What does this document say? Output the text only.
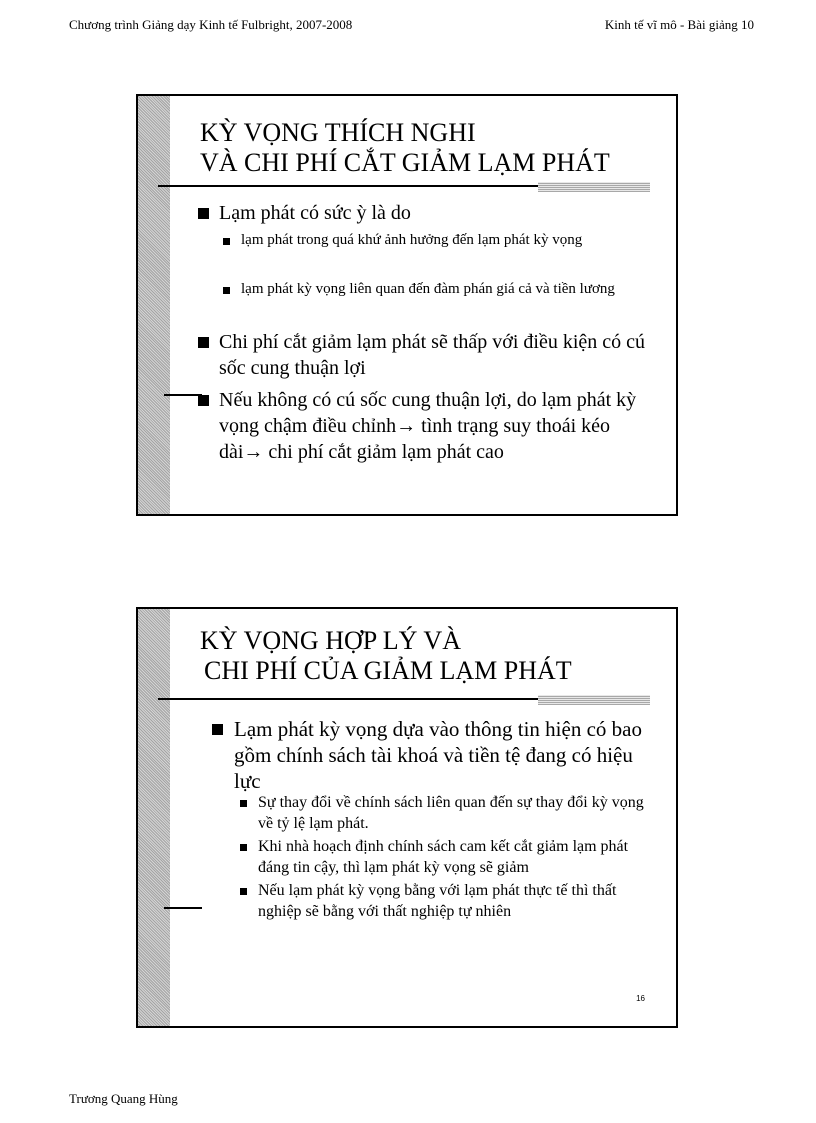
Chương trình Giảng dạy Kinh tế Fulbright, 2007-2008	Kinh tế vĩ mô - Bài giảng 10
KỲ VỌNG THÍCH NGHI
VÀ CHI PHÍ CẮT GIẢM LẠM PHÁT
Lạm phát có sức ỳ là do
lạm phát trong quá khứ ảnh hưởng đến lạm phát kỳ vọng
lạm phát kỳ vọng liên quan đến đàm phán giá cả và tiền lương
Chi phí cắt giảm lạm phát sẽ thấp với điều kiện có cú sốc cung thuận lợi
Nếu không có cú sốc cung thuận lợi, do lạm phát kỳ vọng chậm điều chỉnh→ tình trạng suy thoái kéo dài→ chi phí cắt giảm lạm phát cao
KỲ VỌNG HỢP LÝ VÀ
CHI PHÍ CỦA GIẢM LẠM PHÁT
Lạm phát kỳ vọng dựa vào thông tin hiện có bao gồm chính sách tài khoá và tiền tệ đang có hiệu lực
Sự thay đổi về chính sách liên quan đến sự thay đổi kỳ vọng về tỷ lệ lạm phát.
Khi nhà hoạch định chính sách cam kết cắt giảm lạm phát đáng tin cậy, thì lạm phát kỳ vọng sẽ giảm
Nếu lạm phát kỳ vọng bằng với lạm phát thực tế thì thất nghiệp sẽ bằng với thất nghiệp tự nhiên
16
Trương Quang Hùng
